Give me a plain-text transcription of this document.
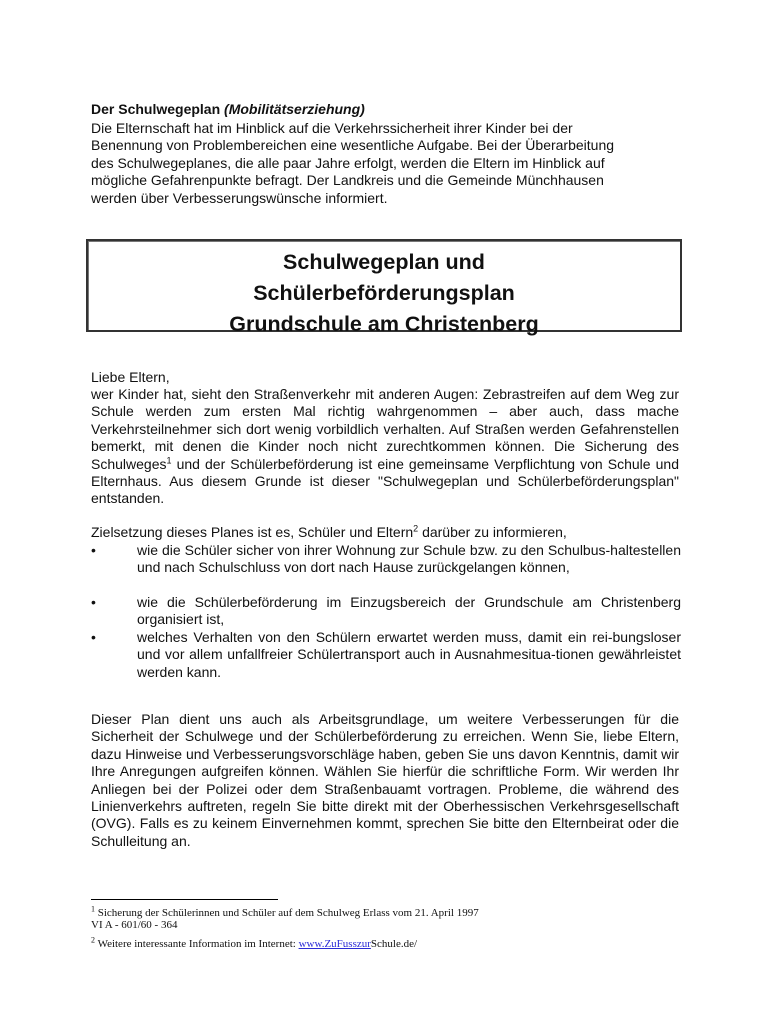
Der Schulwegeplan (Mobilitätserziehung)
Die Elternschaft hat im Hinblick auf die Verkehrssicherheit ihrer Kinder bei der
Benennung von Problembereichen eine wesentliche Aufgabe. Bei der Überarbeitung
des Schulwegeplanes, die alle paar Jahre erfolgt, werden die Eltern im Hinblick auf
mögliche Gefahrenpunkte befragt. Der Landkreis und die Gemeinde Münchhausen
werden über Verbesserungswünsche informiert.
Schulwegeplan und
Schülerbeförderungsplan
Grundschule am Christenberg
Liebe Eltern,
wer Kinder hat, sieht den Straßenverkehr mit anderen Augen: Zebrastreifen auf dem Weg zur Schule werden zum ersten Mal richtig wahrgenommen – aber auch, dass mache Verkehrsteilnehmer sich dort wenig vorbildlich verhalten. Auf Straßen werden Gefahrenstellen bemerkt, mit denen die Kinder noch nicht zurechtkommen können. Die Sicherung des Schulweges$^1$ und der Schülerbeförderung ist eine gemeinsame Verpflichtung von Schule und Elternhaus. Aus diesem Grunde ist dieser "Schulwegeplan und Schülerbeförderungsplan" entstanden.
Zielsetzung dieses Planes ist es, Schüler und Eltern$^2$ darüber zu informieren,
•	wie die Schüler sicher von ihrer Wohnung zur Schule bzw. zu den Schulbus-haltestellen und nach Schulschluss von dort nach Hause zurückgelangen können,
•	wie die Schülerbeförderung im Einzugsbereich der Grundschule am Christenberg organisiert ist,
•	welches Verhalten von den Schülern erwartet werden muss, damit ein rei-bungsloser und vor allem unfallfreier Schülertransport auch in Ausnahmesitua-tionen gewährleistet werden kann.
Dieser Plan dient uns auch als Arbeitsgrundlage, um weitere Verbesserungen für die Sicherheit der Schulwege und der Schülerbeförderung zu erreichen. Wenn Sie, liebe Eltern, dazu Hinweise und Verbesserungsvorschläge haben, geben Sie uns davon Kenntnis, damit wir Ihre Anregungen aufgreifen können. Wählen Sie hierfür die schriftliche Form. Wir werden Ihr Anliegen bei der Polizei oder dem Straßenbauamt vortragen. Probleme, die während des Linienverkehrs auftreten, regeln Sie bitte direkt mit der Oberhessischen Verkehrsgesellschaft (OVG). Falls es zu keinem Einvernehmen kommt, sprechen Sie bitte den Elternbeirat oder die Schulleitung an.
$^1$ Sicherung der Schülerinnen und Schüler auf dem Schulweg Erlass vom 21. April 1997
VI A - 601/60 - 364
$^2$ Weitere interessante Information im Internet: www.ZuFusszurSchule.de/
